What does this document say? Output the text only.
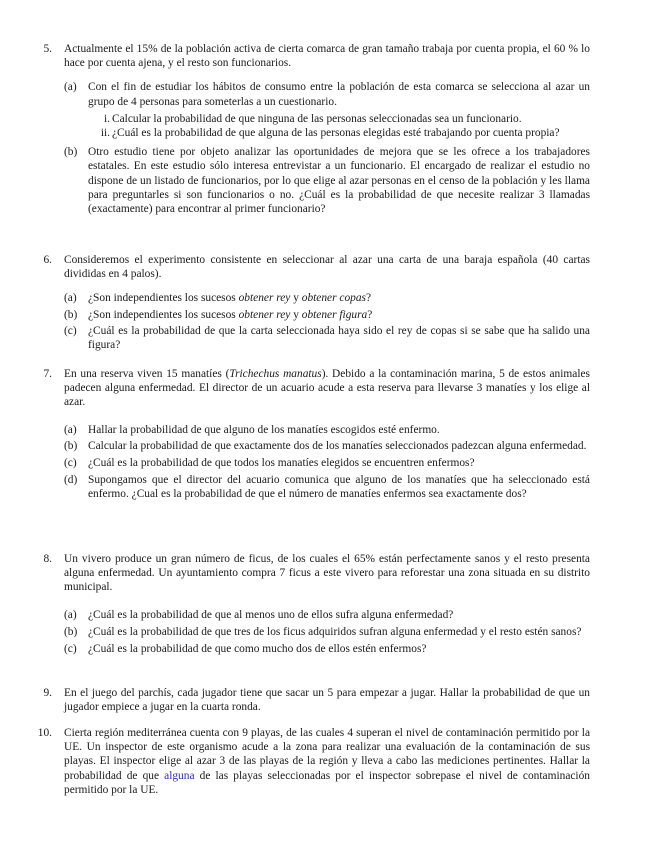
5. Actualmente el 15% de la población activa de cierta comarca de gran tamaño trabaja por cuenta propia, el 60 % lo hace por cuenta ajena, y el resto son funcionarios.
(a) Con el fin de estudiar los hábitos de consumo entre la población de esta comarca se selecciona al azar un grupo de 4 personas para someterlas a un cuestionario.
i. Calcular la probabilidad de que ninguna de las personas seleccionadas sea un funcionario.
ii. ¿Cuál es la probabilidad de que alguna de las personas elegidas esté trabajando por cuenta propia?
(b) Otro estudio tiene por objeto analizar las oportunidades de mejora que se les ofrece a los trabajadores estatales. En este estudio sólo interesa entrevistar a un funcionario. El encargado de realizar el estudio no dispone de un listado de funcionarios, por lo que elige al azar personas en el censo de la población y les llama para preguntarles si son funcionarios o no. ¿Cuál es la probabilidad de que necesite realizar 3 llamadas (exactamente) para encontrar al primer funcionario?
6. Consideremos el experimento consistente en seleccionar al azar una carta de una baraja española (40 cartas divididas en 4 palos).
(a) ¿Son independientes los sucesos obtener rey y obtener copas?
(b) ¿Son independientes los sucesos obtener rey y obtener figura?
(c) ¿Cuál es la probabilidad de que la carta seleccionada haya sido el rey de copas si se sabe que ha salido una figura?
7. En una reserva viven 15 manatíes (Trichechus manatus). Debido a la contaminación marina, 5 de estos animales padecen alguna enfermedad. El director de un acuario acude a esta reserva para llevarse 3 manatíes y los elige al azar.
(a) Hallar la probabilidad de que alguno de los manatíes escogidos esté enfermo.
(b) Calcular la probabilidad de que exactamente dos de los manatíes seleccionados padezcan alguna enfermedad.
(c) ¿Cuál es la probabilidad de que todos los manatíes elegidos se encuentren enfermos?
(d) Supongamos que el director del acuario comunica que alguno de los manatíes que ha seleccionado está enfermo. ¿Cual es la probabilidad de que el número de manatíes enfermos sea exactamente dos?
8. Un vivero produce un gran número de ficus, de los cuales el 65% están perfectamente sanos y el resto presenta alguna enfermedad. Un ayuntamiento compra 7 ficus a este vivero para reforestar una zona situada en su distrito municipal.
(a) ¿Cuál es la probabilidad de que al menos uno de ellos sufra alguna enfermedad?
(b) ¿Cuál es la probabilidad de que tres de los ficus adquiridos sufran alguna enfermedad y el resto estén sanos?
(c) ¿Cuál es la probabilidad de que como mucho dos de ellos estén enfermos?
9. En el juego del parchís, cada jugador tiene que sacar un 5 para empezar a jugar. Hallar la probabilidad de que un jugador empiece a jugar en la cuarta ronda.
10. Cierta región mediterránea cuenta con 9 playas, de las cuales 4 superan el nivel de contaminación permitido por la UE. Un inspector de este organismo acude a la zona para realizar una evaluación de la contaminación de sus playas. El inspector elige al azar 3 de las playas de la región y lleva a cabo las mediciones pertinentes. Hallar la probabilidad de que alguna de las playas seleccionadas por el inspector sobrepase el nivel de contaminación permitido por la UE.
